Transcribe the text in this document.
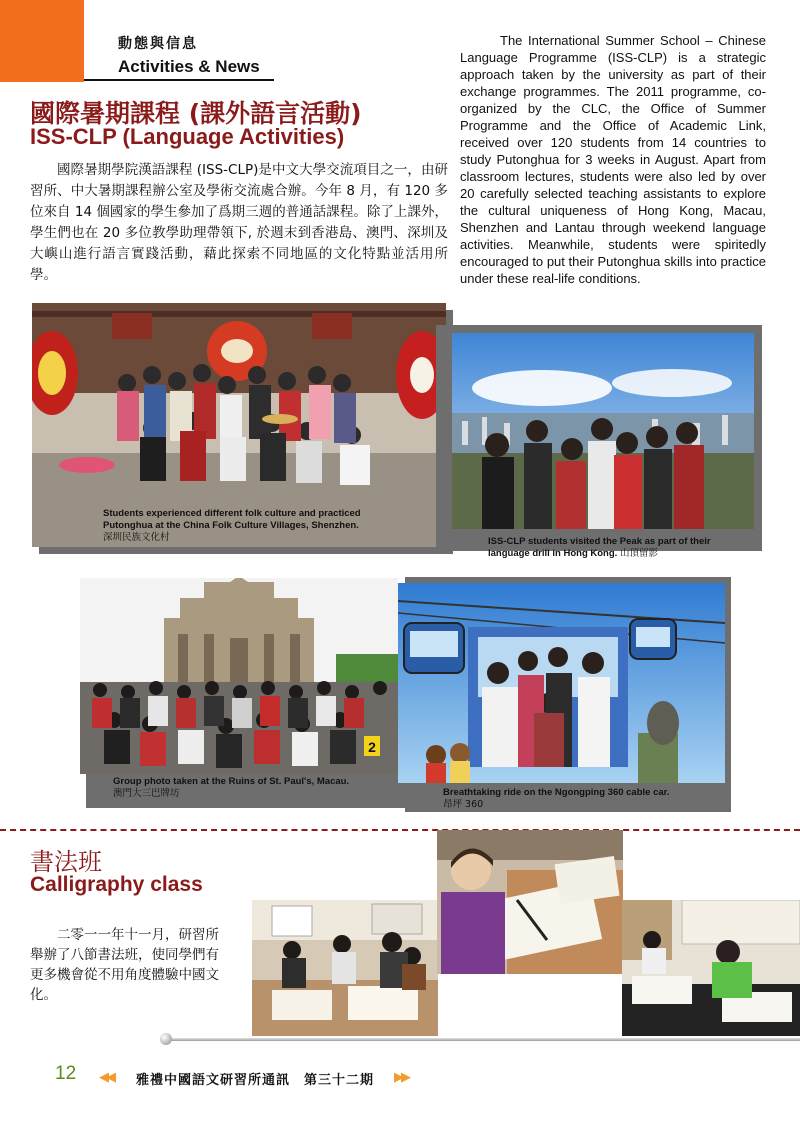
動態與信息
Activities & News
國際暑期課程 (課外語言活動)
ISS-CLP (Language Activities)
國際暑期學院漢語課程 (ISS-CLP)是中文大學交流項目之一，由研習所、中大暑期課程辦公室及學術交流處合辦。今年 8 月，有 120 多位來自 14 個國家的學生參加了爲期三週的普通話課程。除了上課外，學生們也在 20 多位教學助理帶領下, 於週末到香港島、澳門、深圳及大嶼山進行語言實踐活動，藉此探索不同地區的文化特點並活用所學。
The International Summer School – Chinese Language Programme (ISS-CLP) is a strategic approach taken by the university as part of their exchange programmes. The 2011 programme, co-organized by the CLC, the Office of Summer Programme and the Office of Academic Link, received over 120 students from 14 countries to study Putonghua for 3 weeks in August. Apart from classroom lectures, students were also led by over 20 carefully selected teaching assistants to explore the cultural uniqueness of Hong Kong, Macau, Shenzhen and Lantau through weekend language activities. Meanwhile, students were spiritedly encouraged to put their Putonghua skills into practice under these real-life conditions.
Students experienced different folk culture and practiced Putonghua at the China Folk Culture Villages, Shenzhen.
深圳民族文化村	ISS-CLP students visited the Peak as part of their language drill in Hong Kong. 山頂留影
2
Group photo taken at the Ruins of St. Paul's, Macau.
澳門大三巴牌坊	Breathtaking ride on the Ngongping 360 cable car.
昂坪 360
書法班
Calligraphy class
二零一一年十一月，研習所舉辦了八節書法班，使同學們有更多機會從不用角度體驗中國文化。
12 ◀◀ 雅禮中國語文研習所通訊　第三十二期 ▶▶
